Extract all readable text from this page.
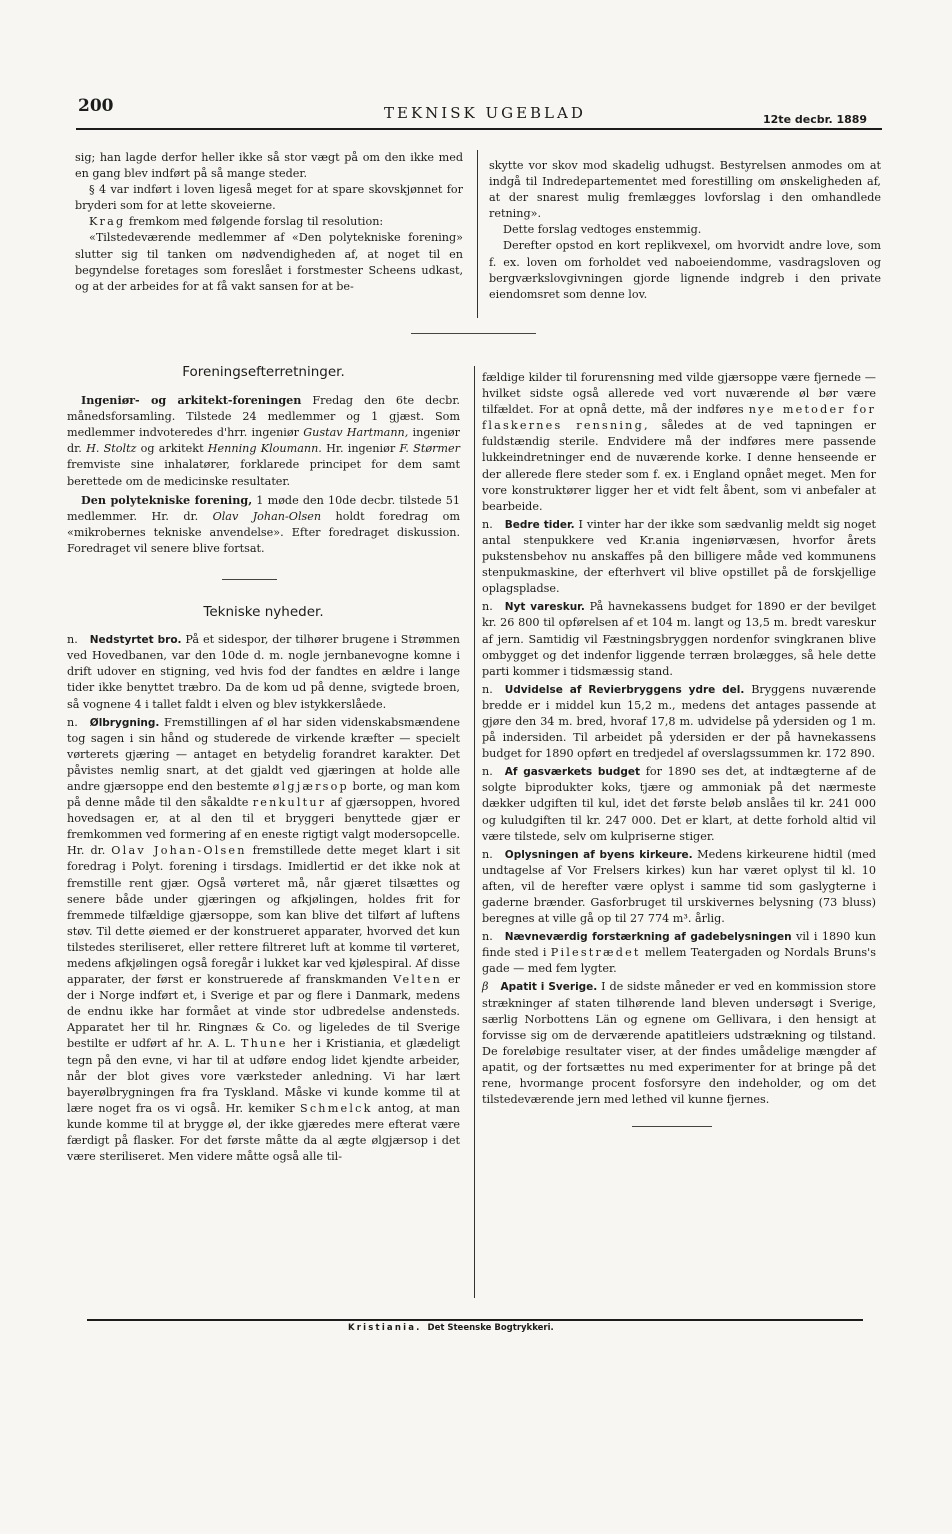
200	TEKNISK UGEBLAD	12te decbr. 1889

sig; han lagde derfor heller ikke så stor vægt på om den ikke med en gang blev indført på så mange steder.

§ 4 var indført i loven ligeså meget for at spare skovskjønnet for bryderi som for at lette skoveierne.

Krag fremkom med følgende forslag til resolution:

«Tilstedeværende medlemmer af «Den polytekniske forening» slutter sig til tanken om nødvendigheden af, at noget til en begyndelse foretages som foreslået i forstmester Scheens udkast, og at der arbeides for at få vakt sansen for at be-

skytte vor skov mod skadelig udhugst. Bestyrelsen anmodes om at indgå til Indredepartementet med forestilling om ønskeligheden af, at der snarest mulig fremlægges lovforslag i den omhandlede retning».

Dette forslag vedtoges enstemmig.

Derefter opstod en kort replikvexel, om hvorvidt andre love, som f. ex. loven om forholdet ved naboeiendomme, vasdragsloven og bergværkslovgivningen gjorde lignende indgreb i den private eiendomsret som denne lov.

Foreningsefterretninger.

Ingeniør- og arkitekt-foreningen Fredag den 6te decbr. månedsforsamling. Tilstede 24 medlemmer og 1 gjæst. Som medlemmer indvoteredes d'hrr. ingeniør Gustav Hartmann, ingeniør dr. H. Stoltz og arkitekt Henning Kloumann. Hr. ingeniør F. Størmer fremviste sine inhalatører, forklarede principet for dem samt berettede om de medicinske resultater.

Den polytekniske forening, 1 møde den 10de decbr. tilstede 51 medlemmer. Hr. dr. Olav Johan-Olsen holdt foredrag om «mikrobernes tekniske anvendelse». Efter foredraget diskussion. Foredraget vil senere blive fortsat.

Tekniske nyheder.

n. Nedstyrtet bro. På et sidespor, der tilhører brugene i Strømmen ved Hovedbanen, var den 10de d. m. nogle jernbanevogne komne i drift udover en stigning, ved hvis fod der fandtes en ældre i lange tider ikke benyttet træbro. Da de kom ud på denne, svigtede broen, så vognene 4 i tallet faldt i elven og blev istykkerslåede.

n. Ølbrygning. Fremstillingen af øl har siden videnskabsmændene tog sagen i sin hånd og studerede de virkende kræfter — specielt vørterets gjæring — antaget en betydelig forandret karakter. Det påvistes nemlig snart, at det gjaldt ved gjæringen at holde alle andre gjærsoppe end den bestemte ølgjærsop borte, og man kom på denne måde til den såkaldte renkultur af gjærsoppen, hvored hovedsagen er, at al den til et bryggeri benyttede gjær er fremkommen ved formering af en eneste rigtigt valgt modersopcelle. Hr. dr. Olav Johan-Olsen fremstillede dette meget klart i sit foredrag i Polyt. forening i tirsdags. Imidlertid er det ikke nok at fremstille rent gjær. Også vørteret må, når gjæret tilsættes og senere både under gjæringen og afkjølingen, holdes frit for fremmede tilfældige gjærsoppe, som kan blive det tilført af luftens støv. Til dette øiemed er der konstrueret apparater, hvorved det kun tilstedes steriliseret, eller rettere filtreret luft at komme til vørteret, medens afkjølingen også foregår i lukket kar ved kjølespiral. Af disse apparater, der først er konstruerede af franskmanden Velten er der i Norge indført et, i Sverige et par og flere i Danmark, medens de endnu ikke har formået at vinde stor udbredelse andensteds. Apparatet her til hr. Ringnæs & Co. og ligeledes de til Sverige bestilte er udført af hr. A. L. Thune her i Kristiania, et glædeligt tegn på den evne, vi har til at udføre endog lidet kjendte arbeider, når der blot gives vore værksteder anledning. Vi har lært bayerølbrygningen fra fra Tyskland. Måske vi kunde komme til at lære noget fra os vi også. Hr. kemiker Schmelck antog, at man kunde komme til at brygge øl, der ikke gjæredes mere efterat være færdigt på flasker. For det første måtte da al ægte ølgjærsop i det være steriliseret. Men videre måtte også alle til-

fældige kilder til forurensning med vilde gjærsoppe være fjernede — hvilket sidste også allerede ved vort nuværende øl bør være tilfældet. For at opnå dette, må der indføres nye metoder for flaskernes rensning, således at de ved tapningen er fuldstændig sterile. Endvidere må der indføres mere passende lukkeindretninger end de nuværende korke. I denne henseende er der allerede flere steder som f. ex. i England opnået meget. Men for vore konstruktører ligger her et vidt felt åbent, som vi anbefaler at bearbeide.

n. Bedre tider. I vinter har der ikke som sædvanlig meldt sig noget antal stenpukkere ved Kr.ania ingeniørvæsen, hvorfor årets pukstensbehov nu anskaffes på den billigere måde ved kommunens stenpukmaskine, der efterhvert vil blive opstillet på de forskjellige oplagspladse.

n. Nyt vareskur. På havnekassens budget for 1890 er der bevilget kr. 26 800 til opførelsen af et 104 m. langt og 13,5 m. bredt vareskur af jern. Samtidig vil Fæstningsbryggen nordenfor svingkranen blive ombygget og det indenfor liggende terræn brolægges, så hele dette parti kommer i tidsmæssig stand.

n. Udvidelse af Revierbryggens ydre del. Bryggens nuværende bredde er i middel kun 15,2 m., medens det antages passende at gjøre den 34 m. bred, hvoraf 17,8 m. udvidelse på ydersiden og 1 m. på indersiden. Til arbeidet på ydersiden er der på havnekassens budget for 1890 opført en tredjedel af overslagssummen kr. 172 890.

n. Af gasværkets budget for 1890 ses det, at indtægterne af de solgte biprodukter koks, tjære og ammoniak på det nærmeste dækker udgiften til kul, idet det første beløb anslåes til kr. 241 000 og kuludgiften til kr. 247 000. Det er klart, at dette forhold altid vil være tilstede, selv om kulpriserne stiger.

n. Oplysningen af byens kirkeure. Medens kirkeurene hidtil (med undtagelse af Vor Frelsers kirkes) kun har været oplyst til kl. 10 aften, vil de herefter være oplyst i samme tid som gaslygterne i gaderne brænder. Gasforbruget til urskivernes belysning (73 bluss) beregnes at ville gå op til 27 774 m³. årlig.

n. Nævneværdig forstærkning af gadebelysningen vil i 1890 kun finde sted i Pilestrædet mellem Teatergaden og Nordals Bruns's gade — med fem lygter.

β Apatit i Sverige. I de sidste måneder er ved en kommission store strækninger af staten tilhørende land bleven undersøgt i Sverige, særlig Norbottens Län og egnene om Gellivara, i den hensigt at forvisse sig om de derværende apatitleiers udstrækning og tilstand. De foreløbige resultater viser, at der findes umådelige mængder af apatit, og der fortsættes nu med experimenter for at bringe på det rene, hvormange procent fosforsyre den indeholder, og om det tilstedeværende jern med lethed vil kunne fjernes.

Kristiania. Det Steenske Bogtrykkeri.
